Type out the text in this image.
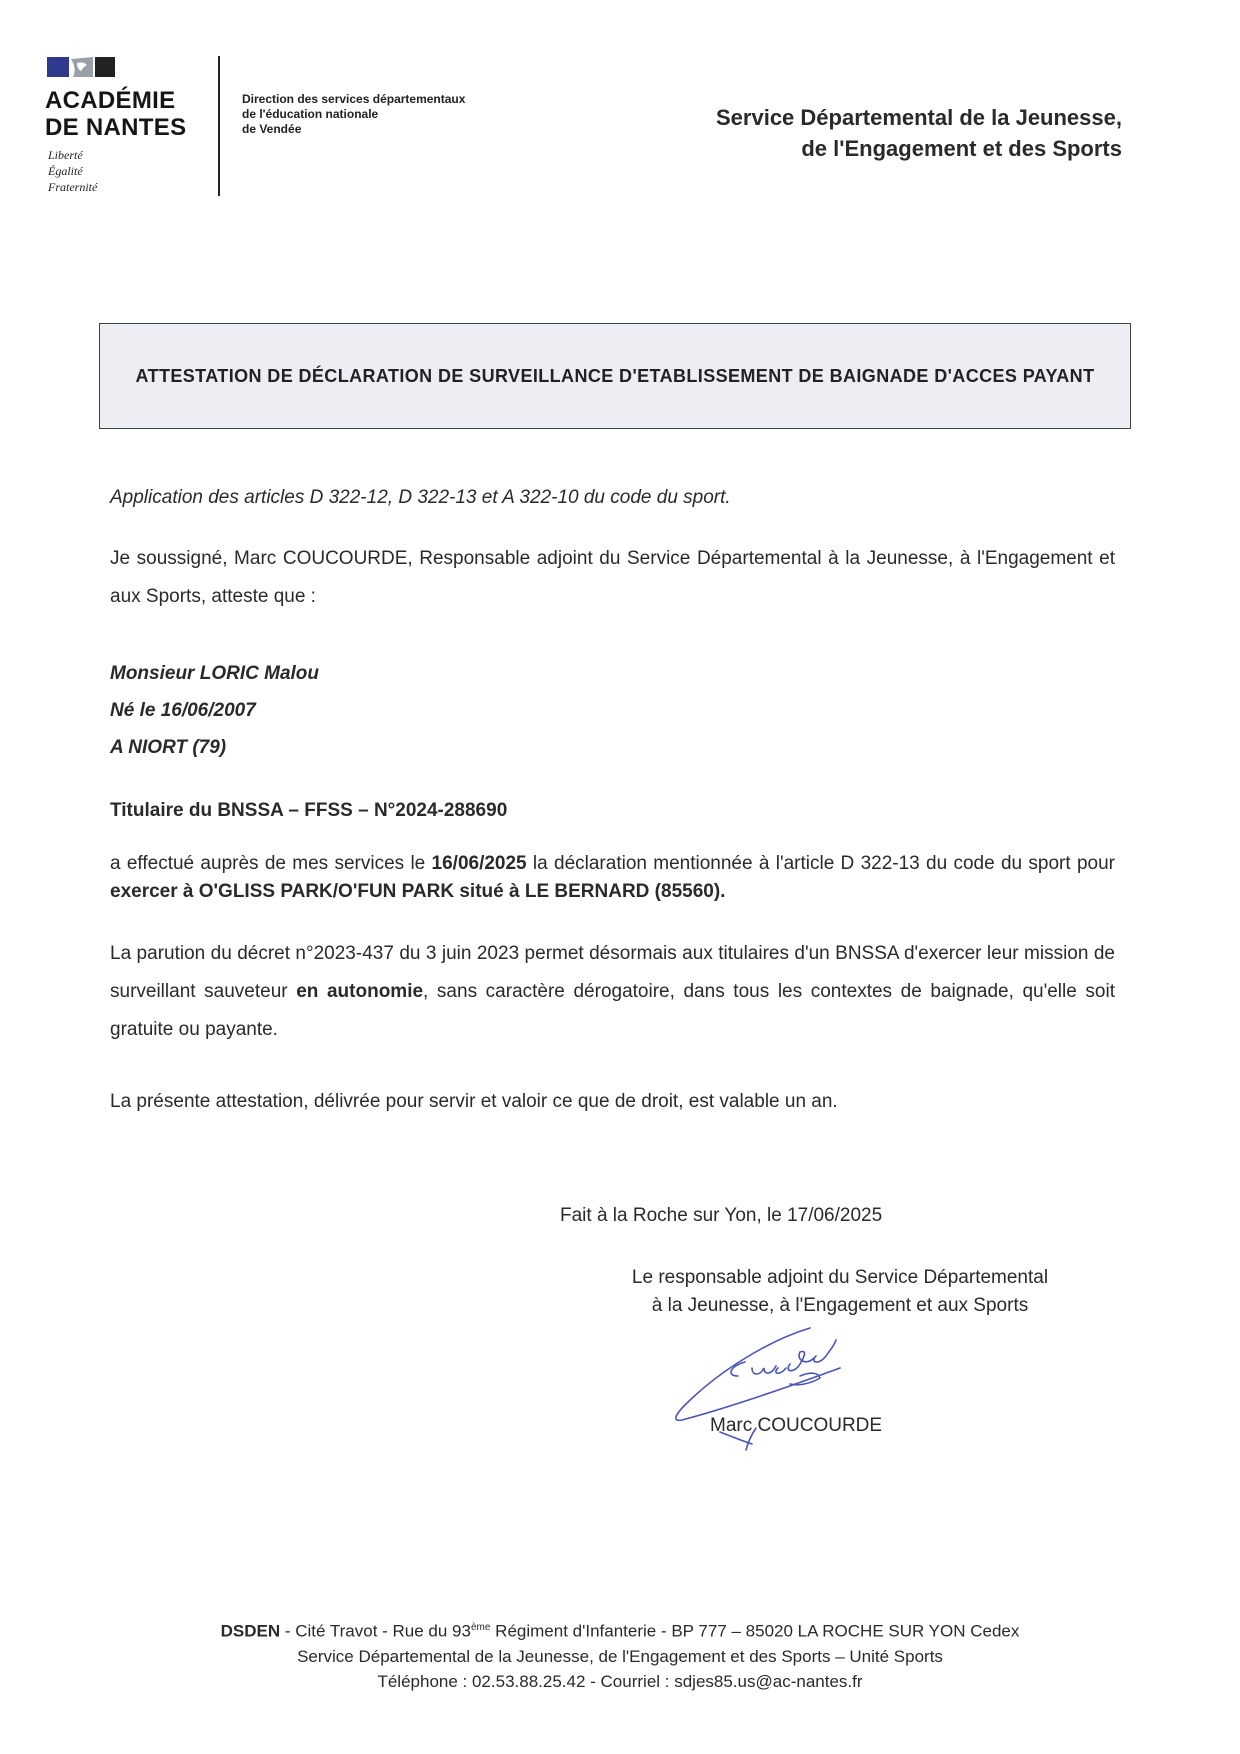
ACADÉMIE
DE NANTES
Liberté
Égalité
Fraternité
Direction des services départementaux
de l'éducation nationale
de Vendée	Service Départemental de la Jeunesse,
de l'Engagement et des Sports
ATTESTATION DE DÉCLARATION DE SURVEILLANCE D'ETABLISSEMENT DE BAIGNADE D'ACCES PAYANT
Application des articles D 322-12, D 322-13 et A 322-10 du code du sport.
Je soussigné, Marc COUCOURDE, Responsable adjoint du Service Départemental à la Jeunesse, à l'Engagement et aux Sports, atteste que :
Monsieur LORIC Malou
Né le 16/06/2007
A NIORT (79)
Titulaire du BNSSA – FFSS – N°2024-288690
a effectué auprès de mes services le 16/06/2025 la déclaration mentionnée à l'article D 322-13 du code du sport pour exercer à O'GLISS PARK/O'FUN PARK situé à LE BERNARD (85560).
La parution du décret n°2023-437 du 3 juin 2023 permet désormais aux titulaires d'un BNSSA d'exercer leur mission de surveillant sauveteur en autonomie, sans caractère dérogatoire, dans tous les contextes de baignade, qu'elle soit gratuite ou payante.
La présente attestation, délivrée pour servir et valoir ce que de droit, est valable un an.
Fait à la Roche sur Yon, le 17/06/2025
Le responsable adjoint du Service Départemental
à la Jeunesse, à l'Engagement et aux Sports
Marc COUCOURDE
DSDEN - Cité Travot - Rue du 93ème Régiment d'Infanterie - BP 777 – 85020 LA ROCHE SUR YON Cedex
Service Départemental de la Jeunesse, de l'Engagement et des Sports – Unité Sports
Téléphone : 02.53.88.25.42 - Courriel : sdjes85.us@ac-nantes.fr
